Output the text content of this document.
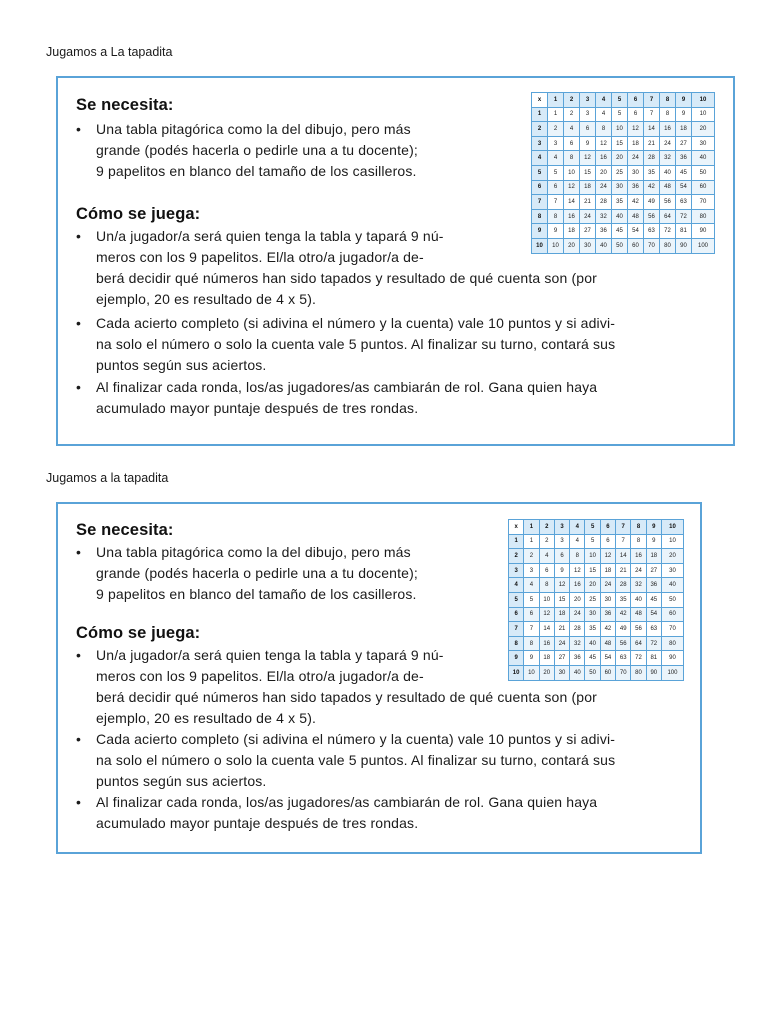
Jugamos a La tapadita
Se necesita:
• Una tabla pitagórica como la del dibujo, pero más
grande (podés hacerla o pedirle una a tu docente);
9 papelitos en blanco del tamaño de los casilleros.
Cómo se juega:
• Un/a jugador/a será quien tenga la tabla y tapará 9 nú-
meros con los 9 papelitos. El/la otro/a jugador/a de-
berá decidir qué números han sido tapados y resultado de qué cuenta son (por
ejemplo, 20 es resultado de 4 x 5).
• Cada acierto completo (si adivina el número y la cuenta) vale 10 puntos y si adivi-
na solo el número o solo la cuenta vale 5 puntos. Al finalizar su turno, contará sus
puntos según sus aciertos.
• Al finalizar cada ronda, los/as jugadores/as cambiarán de rol. Gana quien haya
acumulado mayor puntaje después de tres rondas.
x	1	2	3	4	5	6	7	8	9	10
1	1	2	3	4	5	6	7	8	9	10
2	2	4	6	8	10	12	14	16	18	20
3	3	6	9	12	15	18	21	24	27	30
4	4	8	12	16	20	24	28	32	36	40
5	5	10	15	20	25	30	35	40	45	50
6	6	12	18	24	30	36	42	48	54	60
7	7	14	21	28	35	42	49	56	63	70
8	8	16	24	32	40	48	56	64	72	80
9	9	18	27	36	45	54	63	72	81	90
10	10	20	30	40	50	60	70	80	90	100
Jugamos a la tapadita
Se necesita:
• Una tabla pitagórica como la del dibujo, pero más
grande (podés hacerla o pedirle una a tu docente);
9 papelitos en blanco del tamaño de los casilleros.
Cómo se juega:
• Un/a jugador/a será quien tenga la tabla y tapará 9 nú-
meros con los 9 papelitos. El/la otro/a jugador/a de-
berá decidir qué números han sido tapados y resultado de qué cuenta son (por
ejemplo, 20 es resultado de 4 x 5).
• Cada acierto completo (si adivina el número y la cuenta) vale 10 puntos y si adivi-
na solo el número o solo la cuenta vale 5 puntos. Al finalizar su turno, contará sus
puntos según sus aciertos.
• Al finalizar cada ronda, los/as jugadores/as cambiarán de rol. Gana quien haya
acumulado mayor puntaje después de tres rondas.
x	1	2	3	4	5	6	7	8	9	10
1	1	2	3	4	5	6	7	8	9	10
2	2	4	6	8	10	12	14	16	18	20
3	3	6	9	12	15	18	21	24	27	30
4	4	8	12	16	20	24	28	32	36	40
5	5	10	15	20	25	30	35	40	45	50
6	6	12	18	24	30	36	42	48	54	60
7	7	14	21	28	35	42	49	56	63	70
8	8	16	24	32	40	48	56	64	72	80
9	9	18	27	36	45	54	63	72	81	90
10	10	20	30	40	50	60	70	80	90	100
